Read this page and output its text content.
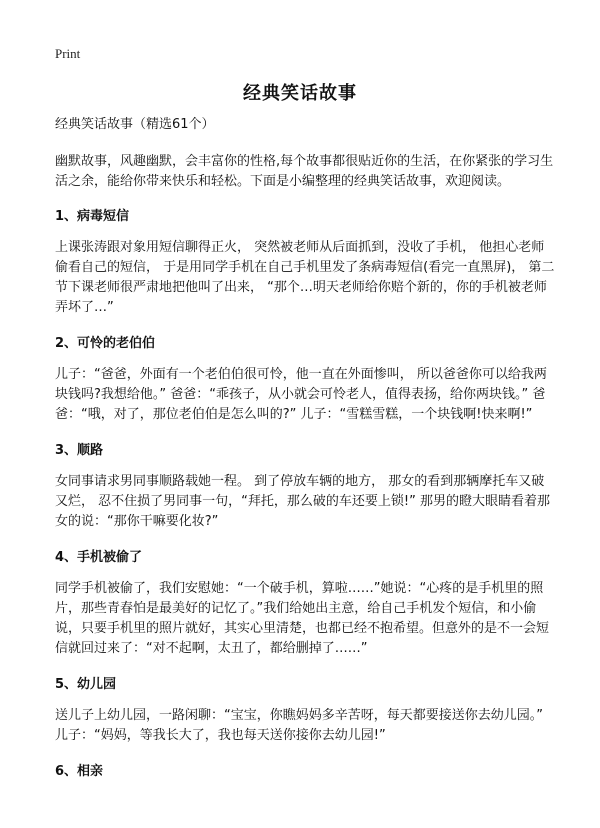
Print
经典笑话故事

经典笑话故事（精选61个）

幽默故事，风趣幽默，会丰富你的性格,每个故事都很贴近你的生活，在你紧张的学习生活之余，能给你带来快乐和轻松。下面是小编整理的经典笑话故事，欢迎阅读。

1、病毒短信

上课张涛跟对象用短信聊得正火， 突然被老师从后面抓到，没收了手机， 他担心老师偷看自己的短信， 于是用同学手机在自己手机里发了条病毒短信(看完一直黑屏)， 第二节下课老师很严肃地把他叫了出来， “那个…明天老师给你赔个新的，你的手机被老师弄坏了…”

2、可怜的老伯伯

儿子：“爸爸，外面有一个老伯伯很可怜，他一直在外面惨叫， 所以爸爸你可以给我两块钱吗?我想给他。” 爸爸：“乖孩子，从小就会可怜老人，值得表扬，给你两块钱。” 爸爸：“哦，对了，那位老伯伯是怎么叫的?” 儿子：“雪糕雪糕，一个块钱啊!快来啊!”

3、顺路

女同事请求男同事顺路载她一程。 到了停放车辆的地方， 那女的看到那辆摩托车又破又烂， 忍不住损了男同事一句，“拜托，那么破的车还要上锁!” 那男的瞪大眼睛看着那女的说：“那你干嘛要化妆?”

4、手机被偷了

同学手机被偷了，我们安慰她：“一个破手机，算啦……”她说：“心疼的是手机里的照片，那些青春怕是最美好的记忆了。”我们给她出主意，给自己手机发个短信，和小偷说，只要手机里的照片就好，其实心里清楚，也都已经不抱希望。但意外的是不一会短信就回过来了：“对不起啊，太丑了，都给删掉了……”

5、幼儿园

送儿子上幼儿园，一路闲聊：“宝宝，你瞧妈妈多辛苦呀，每天都要接送你去幼儿园。” 儿子：“妈妈，等我长大了，我也每天送你接你去幼儿园!”

6、相亲
